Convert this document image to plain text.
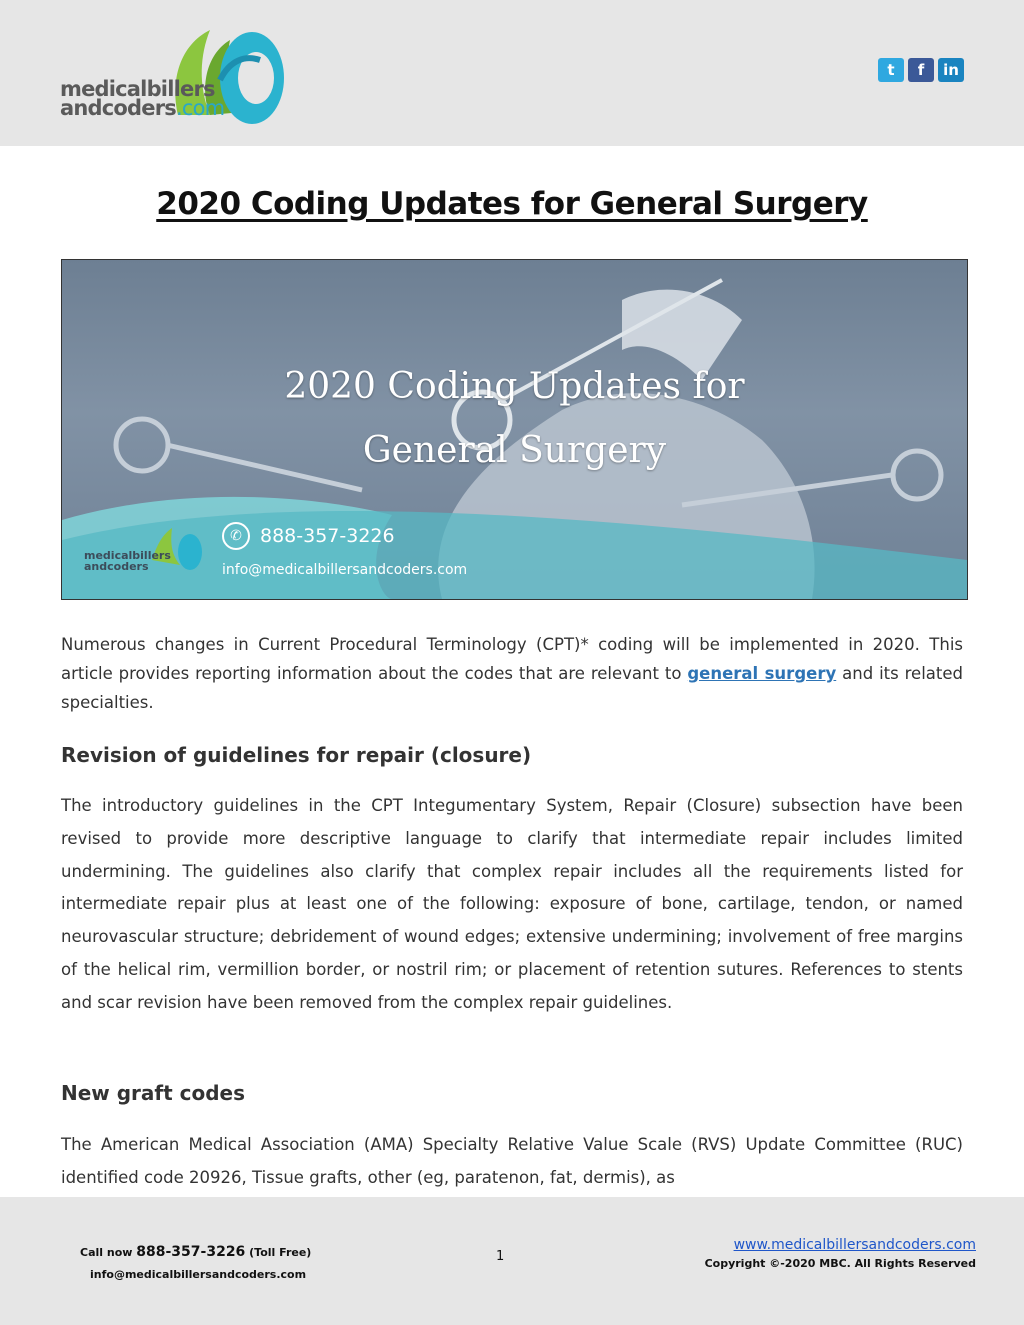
medicalbillers
andcoders.com
t	f	in
2020 Coding Updates for General Surgery
2020 Coding Updates for
General Surgery
✆ 888-357-3226
info@medicalbillersandcoders.com
medicalbillers
andcoders

Numerous changes in Current Procedural Terminology (CPT)* coding will be implemented in 2020. This article provides reporting information about the codes that are relevant to general surgery and its related specialties.

Revision of guidelines for repair (closure)

The introductory guidelines in the CPT Integumentary System, Repair (Closure) subsection have been revised to provide more descriptive language to clarify that intermediate repair includes limited undermining. The guidelines also clarify that complex repair includes all the requirements listed for intermediate repair plus at least one of the following: exposure of bone, cartilage, tendon, or named neurovascular structure; debridement of wound edges; extensive undermining; involvement of free margins of the helical rim, vermillion border, or nostril rim; or placement of retention sutures. References to stents and scar revision have been removed from the complex repair guidelines.

New graft codes

The American Medical Association (AMA) Specialty Relative Value Scale (RVS) Update Committee (RUC) identified code 20926, Tissue grafts, other (eg, paratenon, fat, dermis), as

Call now 888-357-3226 (Toll Free)
info@medicalbillersandcoders.com
1
www.medicalbillersandcoders.com
Copyright ©-2020 MBC. All Rights Reserved
